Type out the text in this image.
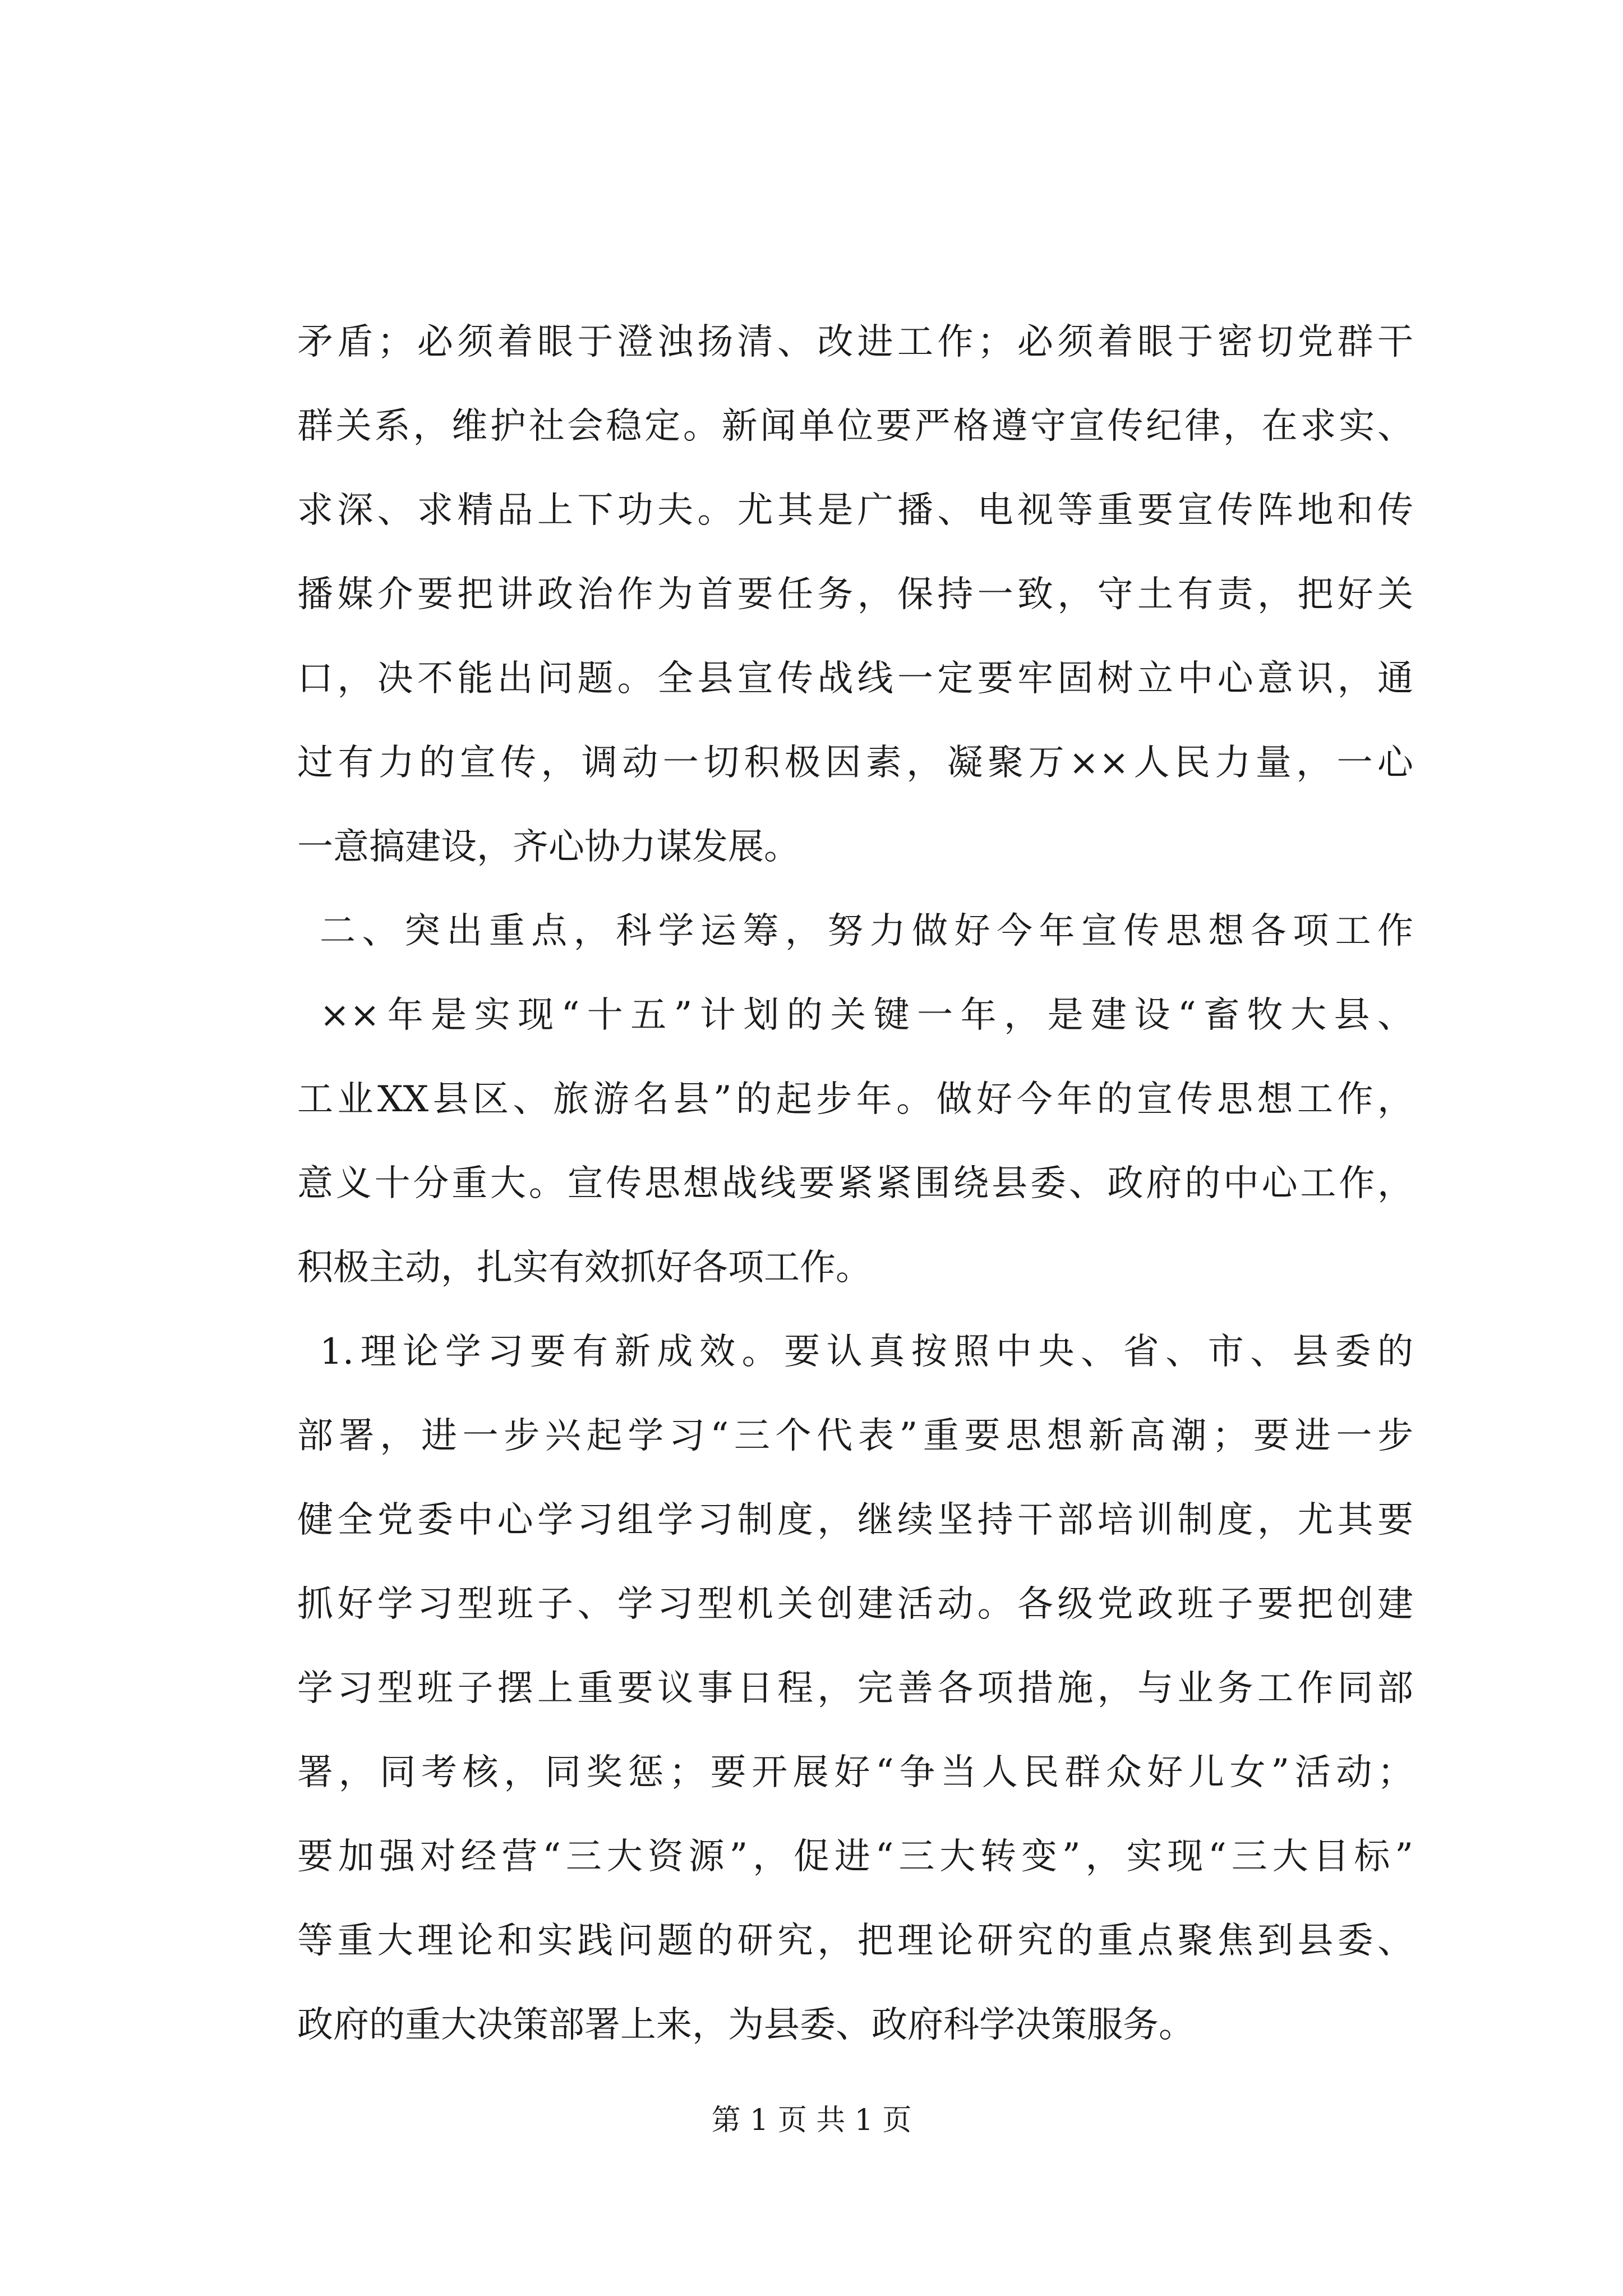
矛盾；必须着眼于澄浊扬清、改进工作；必须着眼于密切党群干
群关系，维护社会稳定。新闻单位要严格遵守宣传纪律，在求实、
求深、求精品上下功夫。尤其是广播、电视等重要宣传阵地和传
播媒介要把讲政治作为首要任务，保持一致，守土有责，把好关
口，决不能出问题。全县宣传战线一定要牢固树立中心意识，通
过有力的宣传，调动一切积极因素，凝聚万××人民力量，一心
一意搞建设，齐心协力谋发展。
二、突出重点，科学运筹，努力做好今年宣传思想各项工作
××年是实现“十五”计划的关键一年，是建设“畜牧大县、
工业XX县区、旅游名县”的起步年。做好今年的宣传思想工作，
意义十分重大。宣传思想战线要紧紧围绕县委、政府的中心工作，
积极主动，扎实有效抓好各项工作。
1.理论学习要有新成效。要认真按照中央、省、市、县委的
部署，进一步兴起学习“三个代表”重要思想新高潮；要进一步
健全党委中心学习组学习制度，继续坚持干部培训制度，尤其要
抓好学习型班子、学习型机关创建活动。各级党政班子要把创建
学习型班子摆上重要议事日程，完善各项措施，与业务工作同部
署，同考核，同奖惩；要开展好“争当人民群众好儿女”活动；
要加强对经营“三大资源”，促进“三大转变”，实现“三大目标”
等重大理论和实践问题的研究，把理论研究的重点聚焦到县委、
政府的重大决策部署上来，为县委、政府科学决策服务。
第 1 页 共 1 页
